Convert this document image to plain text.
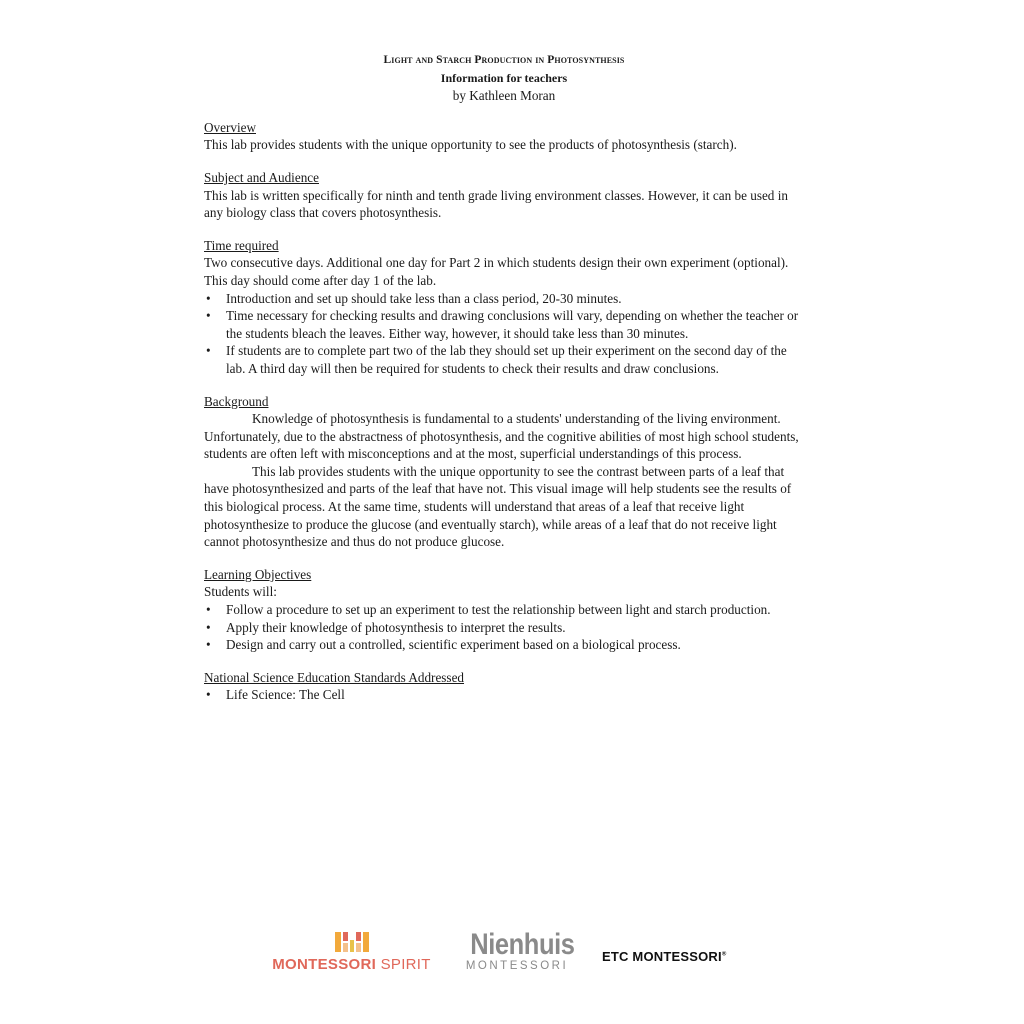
Light and Starch Production in Photosynthesis
Information for teachers
by Kathleen Moran

Overview

This lab provides students with the unique opportunity to see the products of photosynthesis (starch).

Subject and Audience

This lab is written specifically for ninth and tenth grade living environment classes. However, it can be used in any biology class that covers photosynthesis.

Time required

Two consecutive days. Additional one day for Part 2 in which students design their own experiment (optional). This day should come after day 1 of the lab.

• Introduction and set up should take less than a class period, 20-30 minutes.
• Time necessary for checking results and drawing conclusions will vary, depending on whether the teacher or the students bleach the leaves. Either way, however, it should take less than 30 minutes.
• If students are to complete part two of the lab they should set up their experiment on the second day of the lab. A third day will then be required for students to check their results and draw conclusions.

Background

Knowledge of photosynthesis is fundamental to a students' understanding of the living environment. Unfortunately, due to the abstractness of photosynthesis, and the cognitive abilities of most high school students, students are often left with misconceptions and at the most, superficial understandings of this process.

This lab provides students with the unique opportunity to see the contrast between parts of a leaf that have photosynthesized and parts of the leaf that have not. This visual image will help students see the results of this biological process. At the same time, students will understand that areas of a leaf that receive light photosynthesize to produce the glucose (and eventually starch), while areas of a leaf that do not receive light cannot photosynthesize and thus do not produce glucose.

Learning Objectives

Students will:

• Follow a procedure to set up an experiment to test the relationship between light and starch production.
• Apply their knowledge of photosynthesis to interpret the results.
• Design and carry out a controlled, scientific experiment based on a biological process.

National Science Education Standards Addressed

• Life Science: The Cell
MONTESSORI SPIRIT
Nienhuis
MONTESSORI
ETC MONTESSORI®
